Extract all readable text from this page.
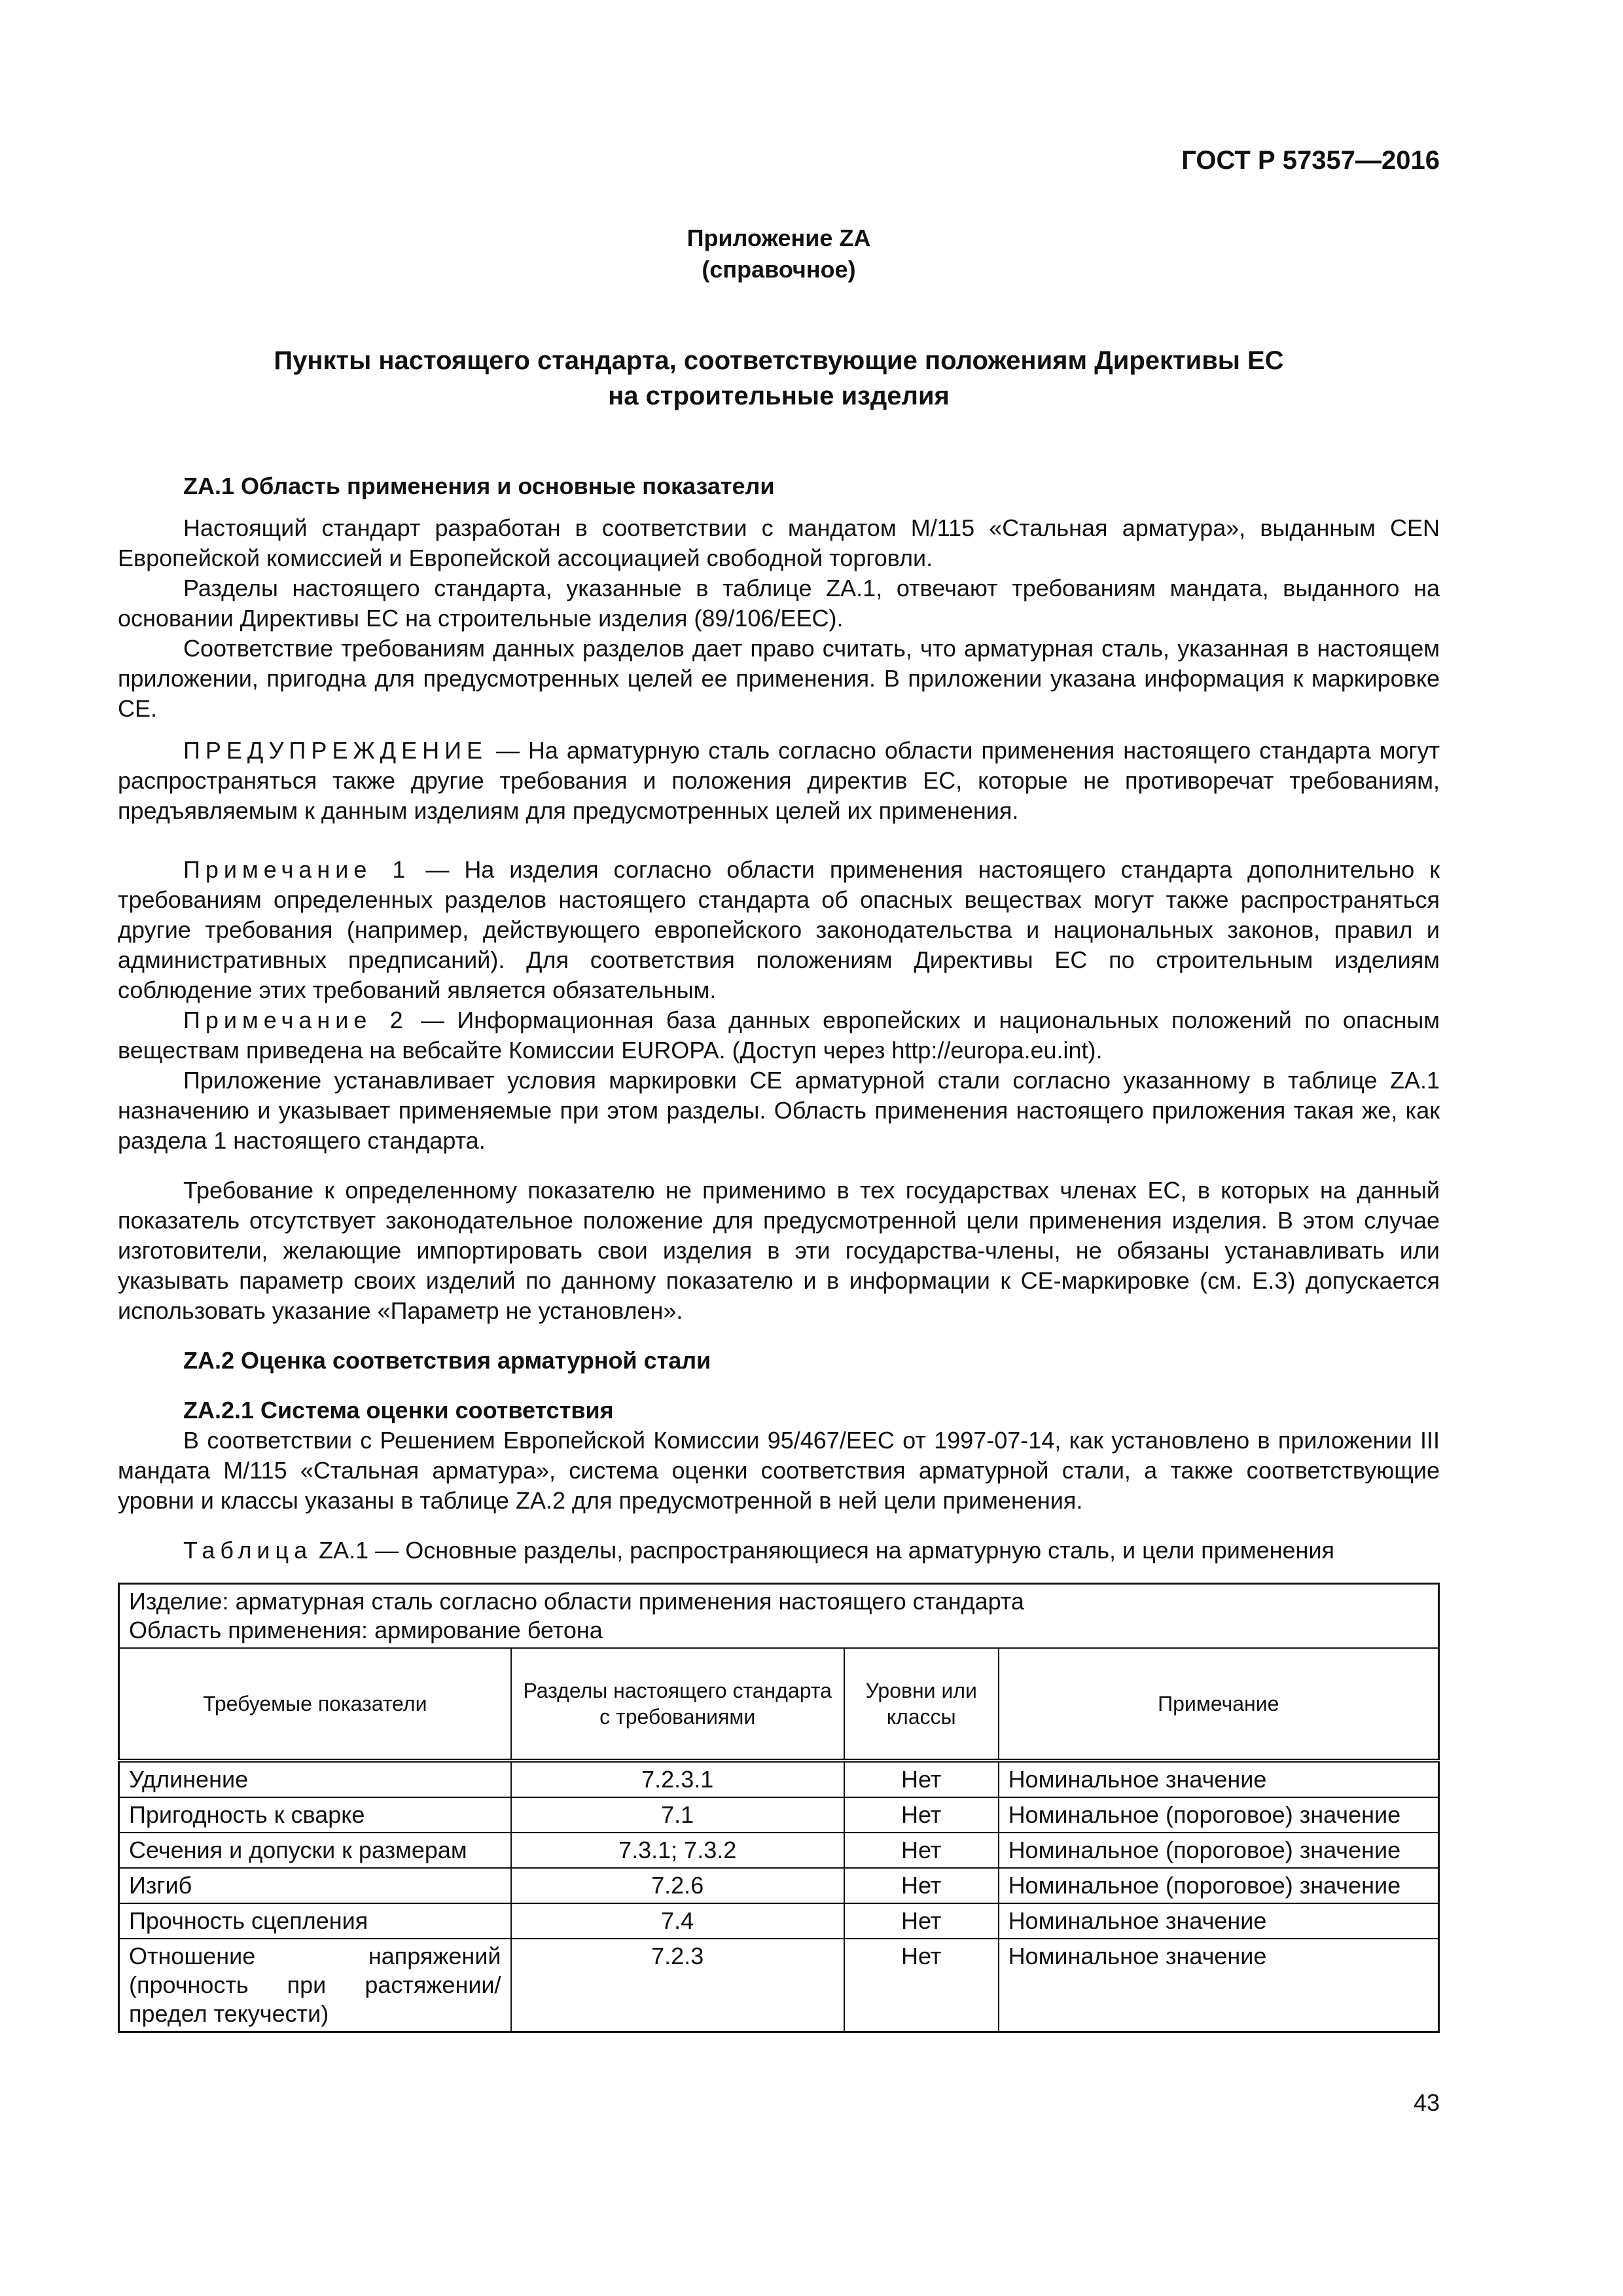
ГОСТ Р 57357—2016
Приложение ZA
(справочное)
Пункты настоящего стандарта, соответствующие положениям Директивы ЕС
на строительные изделия
ZA.1 Область применения и основные показатели

Настоящий стандарт разработан в соответствии с мандатом М/115 «Стальная арматура», выданным CEN Европейской комиссией и Европейской ассоциацией свободной торговли.

Разделы настоящего стандарта, указанные в таблице ZA.1, отвечают требованиям мандата, выданного на основании Директивы ЕС на строительные изделия (89/106/ЕЕС).

Соответствие требованиям данных разделов дает право считать, что арматурная сталь, указанная в настоящем приложении, пригодна для предусмотренных целей ее применения. В приложении указана информация к маркировке СЕ.

ПРЕДУПРЕЖДЕНИЕ — На арматурную сталь согласно области применения настоящего стандарта могут распространяться также другие требования и положения директив ЕС, которые не противоречат требованиям, предъявляемым к данным изделиям для предусмотренных целей их применения.

Примечание 1 — На изделия согласно области применения настоящего стандарта дополнительно к требованиям определенных разделов настоящего стандарта об опасных веществах могут также распространяться другие требования (например, действующего европейского законодательства и национальных законов, правил и административных предписаний). Для соответствия положениям Директивы ЕС по строительным изделиям соблюдение этих требований является обязательным.

Примечание 2 — Информационная база данных европейских и национальных положений по опасным веществам приведена на вебсайте Комиссии EUROPA. (Доступ через http://europa.eu.int).

Приложение устанавливает условия маркировки СЕ арматурной стали согласно указанному в таблице ZA.1 назначению и указывает применяемые при этом разделы. Область применения настоящего приложения такая же, как раздела 1 настоящего стандарта.

Требование к определенному показателю не применимо в тех государствах членах ЕС, в которых на данный показатель отсутствует законодательное положение для предусмотренной цели применения изделия. В этом случае изготовители, желающие импортировать свои изделия в эти государства-члены, не обязаны устанавливать или указывать параметр своих изделий по данному показателю и в информации к СЕ-маркировке (см. Е.3) допускается использовать указание «Параметр не установлен».

ZA.2 Оценка соответствия арматурной стали
ZA.2.1 Система оценки соответствия

В соответствии с Решением Европейской Комиссии 95/467/ЕЕС от 1997-07-14, как установлено в приложении III мандата М/115 «Стальная арматура», система оценки соответствия арматурной стали, а также соответствующие уровни и классы указаны в таблице ZA.2 для предусмотренной в ней цели применения.

Таблица ZA.1 — Основные разделы, распространяющиеся на арматурную сталь, и цели применения

Изделие: арматурная сталь согласно области применения настоящего стандарта
Область применения: армирование бетона			

Требуемые показатели	Разделы настоящего стандарта с требованиями	Уровни или классы	Примечание
Удлинение	7.2.3.1	Нет	Номинальное значение
Пригодность к сварке	7.1	Нет	Номинальное (пороговое) значение
Сечения и допуски к размерам	7.3.1; 7.3.2	Нет	Номинальное (пороговое) значение
Изгиб	7.2.6	Нет	Номинальное (пороговое) значение
Прочность сцепления	7.4	Нет	Номинальное значение
Отношение напряжений (прочность при растяжении/предел текучести)	7.2.3	Нет	Номинальное значение
43
